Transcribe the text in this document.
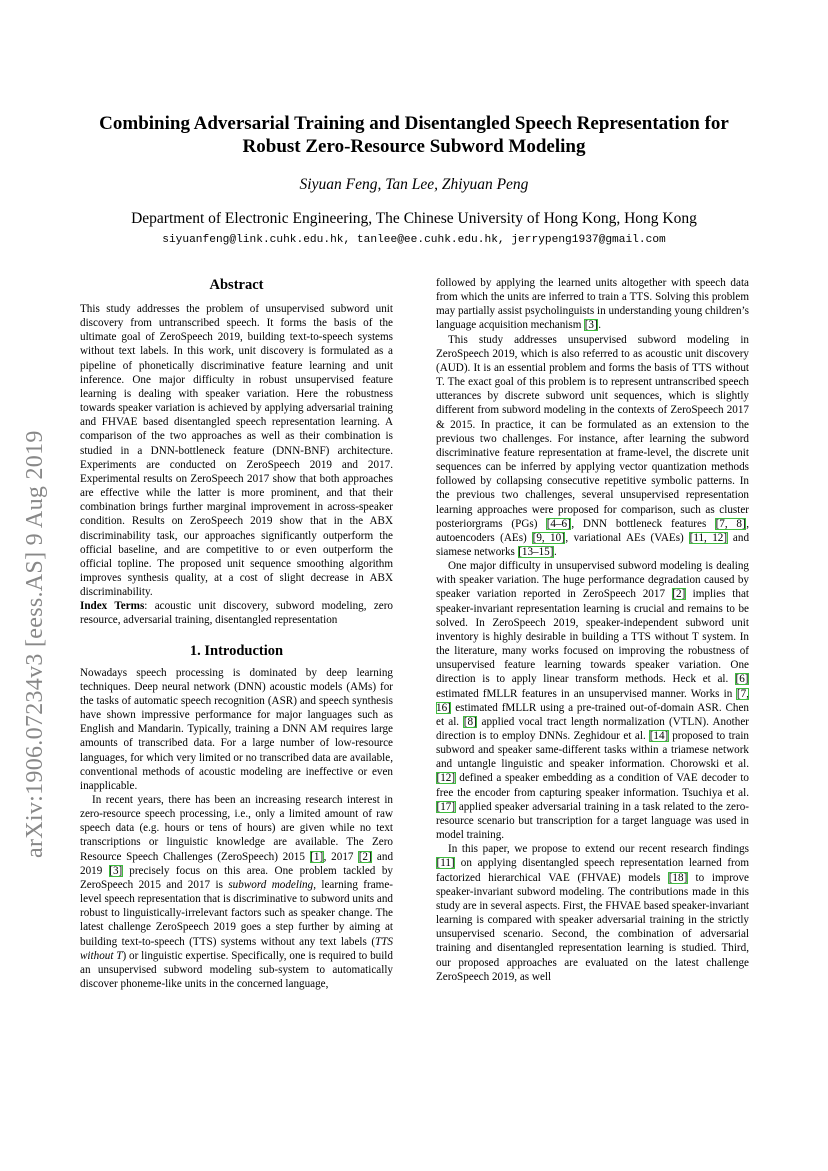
arXiv:1906.07234v3 [eess.AS] 9 Aug 2019
Combining Adversarial Training and Disentangled Speech Representation for
Robust Zero-Resource Subword Modeling
Siyuan Feng, Tan Lee, Zhiyuan Peng
Department of Electronic Engineering, The Chinese University of Hong Kong, Hong Kong
siyuanfeng@link.cuhk.edu.hk, tanlee@ee.cuhk.edu.hk, jerrypeng1937@gmail.com
Abstract

This study addresses the problem of unsupervised subword unit discovery from untranscribed speech. It forms the basis of the ultimate goal of ZeroSpeech 2019, building text-to-speech systems without text labels. In this work, unit discovery is formulated as a pipeline of phonetically discriminative feature learning and unit inference. One major difficulty in robust unsupervised feature learning is dealing with speaker variation. Here the robustness towards speaker variation is achieved by applying adversarial training and FHVAE based disentangled speech representation learning. A comparison of the two approaches as well as their combination is studied in a DNN-bottleneck feature (DNN-BNF) architecture. Experiments are conducted on ZeroSpeech 2019 and 2017. Experimental results on ZeroSpeech 2017 show that both approaches are effective while the latter is more prominent, and that their combination brings further marginal improvement in across-speaker condition. Results on ZeroSpeech 2019 show that in the ABX discriminability task, our approaches significantly outperform the official baseline, and are competitive to or even outperform the official topline. The proposed unit sequence smoothing algorithm improves synthesis quality, at a cost of slight decrease in ABX discriminability.

Index Terms: acoustic unit discovery, subword modeling, zero resource, adversarial training, disentangled representation

1. Introduction

Nowadays speech processing is dominated by deep learning techniques. Deep neural network (DNN) acoustic models (AMs) for the tasks of automatic speech recognition (ASR) and speech synthesis have shown impressive performance for major languages such as English and Mandarin. Typically, training a DNN AM requires large amounts of transcribed data. For a large number of low-resource languages, for which very limited or no transcribed data are available, conventional methods of acoustic modeling are ineffective or even inapplicable.

In recent years, there has been an increasing research interest in zero-resource speech processing, i.e., only a limited amount of raw speech data (e.g. hours or tens of hours) are given while no text transcriptions or linguistic knowledge are available. The Zero Resource Speech Challenges (ZeroSpeech) 2015 [1], 2017 [2] and 2019 [3] precisely focus on this area. One problem tackled by ZeroSpeech 2015 and 2017 is subword modeling, learning frame-level speech representation that is discriminative to subword units and robust to linguistically-irrelevant factors such as speaker change. The latest challenge ZeroSpeech 2019 goes a step further by aiming at building text-to-speech (TTS) systems without any text labels (TTS without T) or linguistic expertise. Specifically, one is required to build an unsupervised subword modeling sub-system to automatically discover phoneme-like units in the concerned language,

followed by applying the learned units altogether with speech data from which the units are inferred to train a TTS. Solving this problem may partially assist psycholinguists in understanding young children’s language acquisition mechanism [3].

This study addresses unsupervised subword modeling in ZeroSpeech 2019, which is also referred to as acoustic unit discovery (AUD). It is an essential problem and forms the basis of TTS without T. The exact goal of this problem is to represent untranscribed speech utterances by discrete subword unit sequences, which is slightly different from subword modeling in the contexts of ZeroSpeech 2017 & 2015. In practice, it can be formulated as an extension to the previous two challenges. For instance, after learning the subword discriminative feature representation at frame-level, the discrete unit sequences can be inferred by applying vector quantization methods followed by collapsing consecutive repetitive symbolic patterns. In the previous two challenges, several unsupervised representation learning approaches were proposed for comparison, such as cluster posteriorgrams (PGs) [4–6], DNN bottleneck features [7, 8], autoencoders (AEs) [9, 10], variational AEs (VAEs) [11, 12] and siamese networks [13–15].

One major difficulty in unsupervised subword modeling is dealing with speaker variation. The huge performance degradation caused by speaker variation reported in ZeroSpeech 2017 [2] implies that speaker-invariant representation learning is crucial and remains to be solved. In ZeroSpeech 2019, speaker-independent subword unit inventory is highly desirable in building a TTS without T system. In the literature, many works focused on improving the robustness of unsupervised feature learning towards speaker variation. One direction is to apply linear transform methods. Heck et al. [6] estimated fMLLR features in an unsupervised manner. Works in [7, 16] estimated fMLLR using a pre-trained out-of-domain ASR. Chen et al. [8] applied vocal tract length normalization (VTLN). Another direction is to employ DNNs. Zeghidour et al. [14] proposed to train subword and speaker same-different tasks within a triamese network and untangle linguistic and speaker information. Chorowski et al. [12] defined a speaker embedding as a condition of VAE decoder to free the encoder from capturing speaker information. Tsuchiya et al. [17] applied speaker adversarial training in a task related to the zero-resource scenario but transcription for a target language was used in model training.

In this paper, we propose to extend our recent research findings [11] on applying disentangled speech representation learned from factorized hierarchical VAE (FHVAE) models [18] to improve speaker-invariant subword modeling. The contributions made in this study are in several aspects. First, the FHVAE based speaker-invariant learning is compared with speaker adversarial training in the strictly unsupervised scenario. Second, the combination of adversarial training and disentangled representation learning is studied. Third, our proposed approaches are evaluated on the latest challenge ZeroSpeech 2019, as well
